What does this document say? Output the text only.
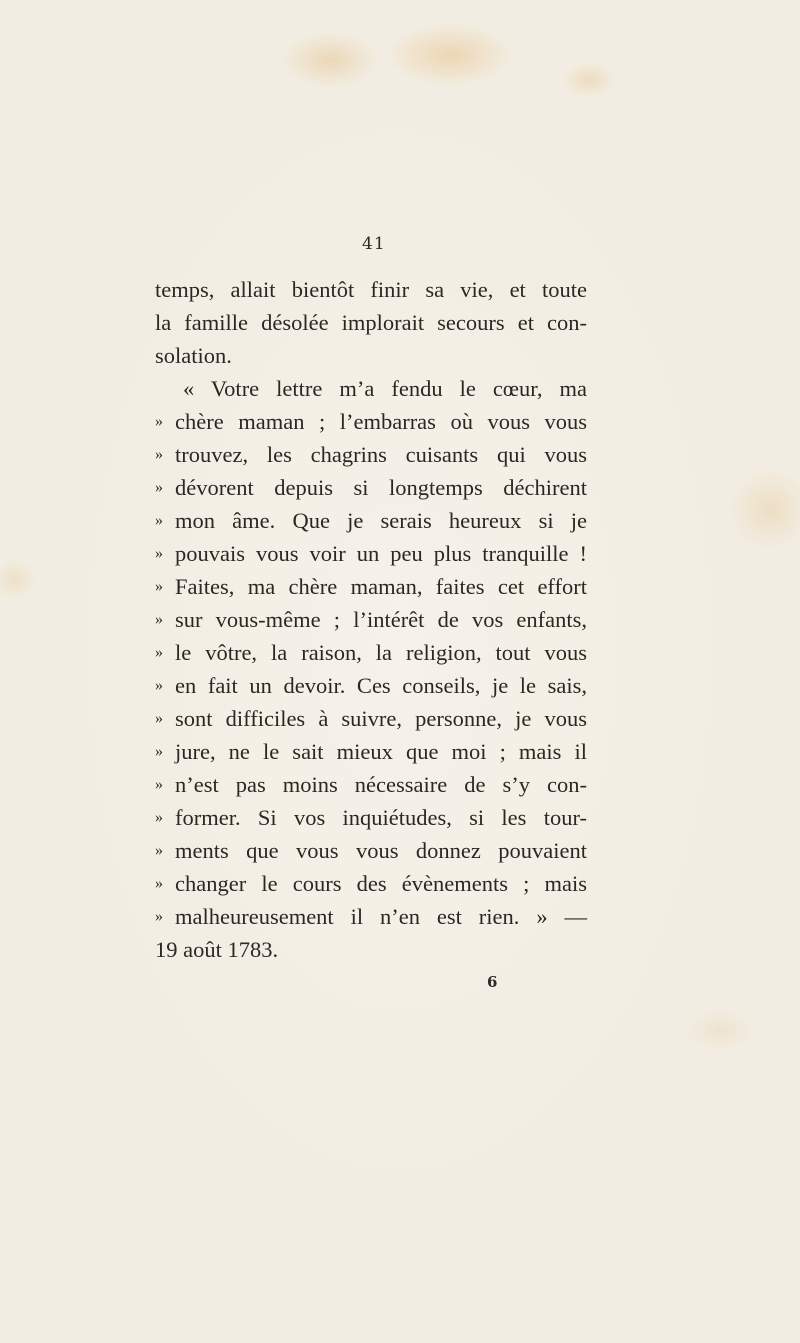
41
temps, allait bientôt finir sa vie, et toute
la famille désolée implorait secours et con-
solation.
« Votre lettre m’a fendu le cœur, ma
» chère maman ; l’embarras où vous vous
» trouvez, les chagrins cuisants qui vous
» dévorent depuis si longtemps déchirent
» mon âme. Que je serais heureux si je
» pouvais vous voir un peu plus tranquille !
» Faites, ma chère maman, faites cet effort
» sur vous-même ; l’intérêt de vos enfants,
» le vôtre, la raison, la religion, tout vous
» en fait un devoir. Ces conseils, je le sais,
» sont difficiles à suivre, personne, je vous
» jure, ne le sait mieux que moi ; mais il
» n’est pas moins nécessaire de s’y con-
» former. Si vos inquiétudes, si les tour-
» ments que vous vous donnez pouvaient
» changer le cours des évènements ; mais
» malheureusement il n’en est rien. » —
19 août 1783.
6
